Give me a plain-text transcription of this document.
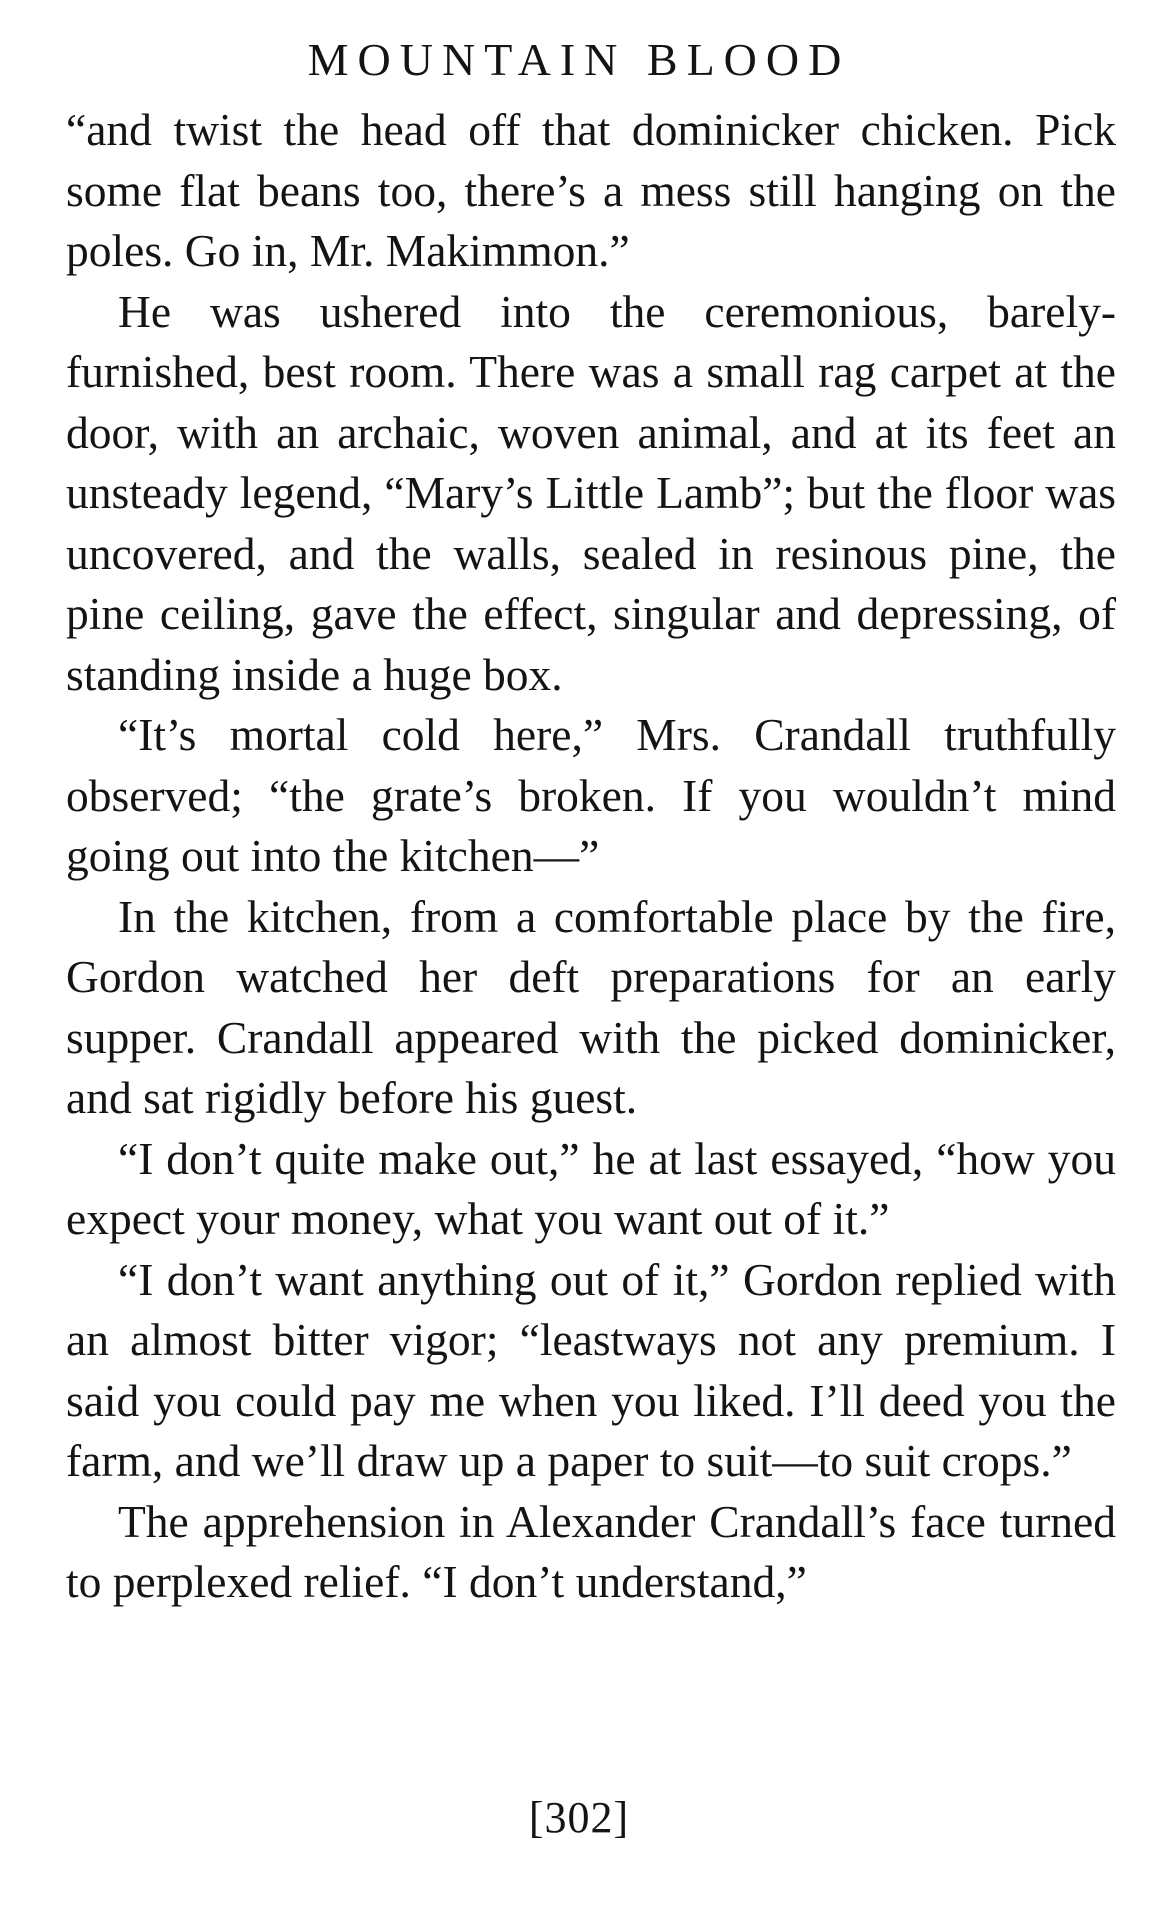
MOUNTAIN BLOOD

“and twist the head off that dominicker chicken. Pick some flat beans too, there’s a mess still hanging on the poles. Go in, Mr. Makimmon.”

He was ushered into the ceremonious, barely-furnished, best room. There was a small rag carpet at the door, with an archaic, woven animal, and at its feet an unsteady legend, “Mary’s Little Lamb”; but the floor was uncovered, and the walls, sealed in resinous pine, the pine ceiling, gave the effect, singular and depressing, of standing inside a huge box.

“It’s mortal cold here,” Mrs. Crandall truthfully observed; “the grate’s broken. If you wouldn’t mind going out into the kitchen—”

In the kitchen, from a comfortable place by the fire, Gordon watched her deft preparations for an early supper. Crandall appeared with the picked dominicker, and sat rigidly before his guest.

“I don’t quite make out,” he at last essayed, “how you expect your money, what you want out of it.”

“I don’t want anything out of it,” Gordon replied with an almost bitter vigor; “leastways not any premium. I said you could pay me when you liked. I’ll deed you the farm, and we’ll draw up a paper to suit—to suit crops.”

The apprehension in Alexander Crandall’s face turned to perplexed relief. “I don’t understand,”

[302]
